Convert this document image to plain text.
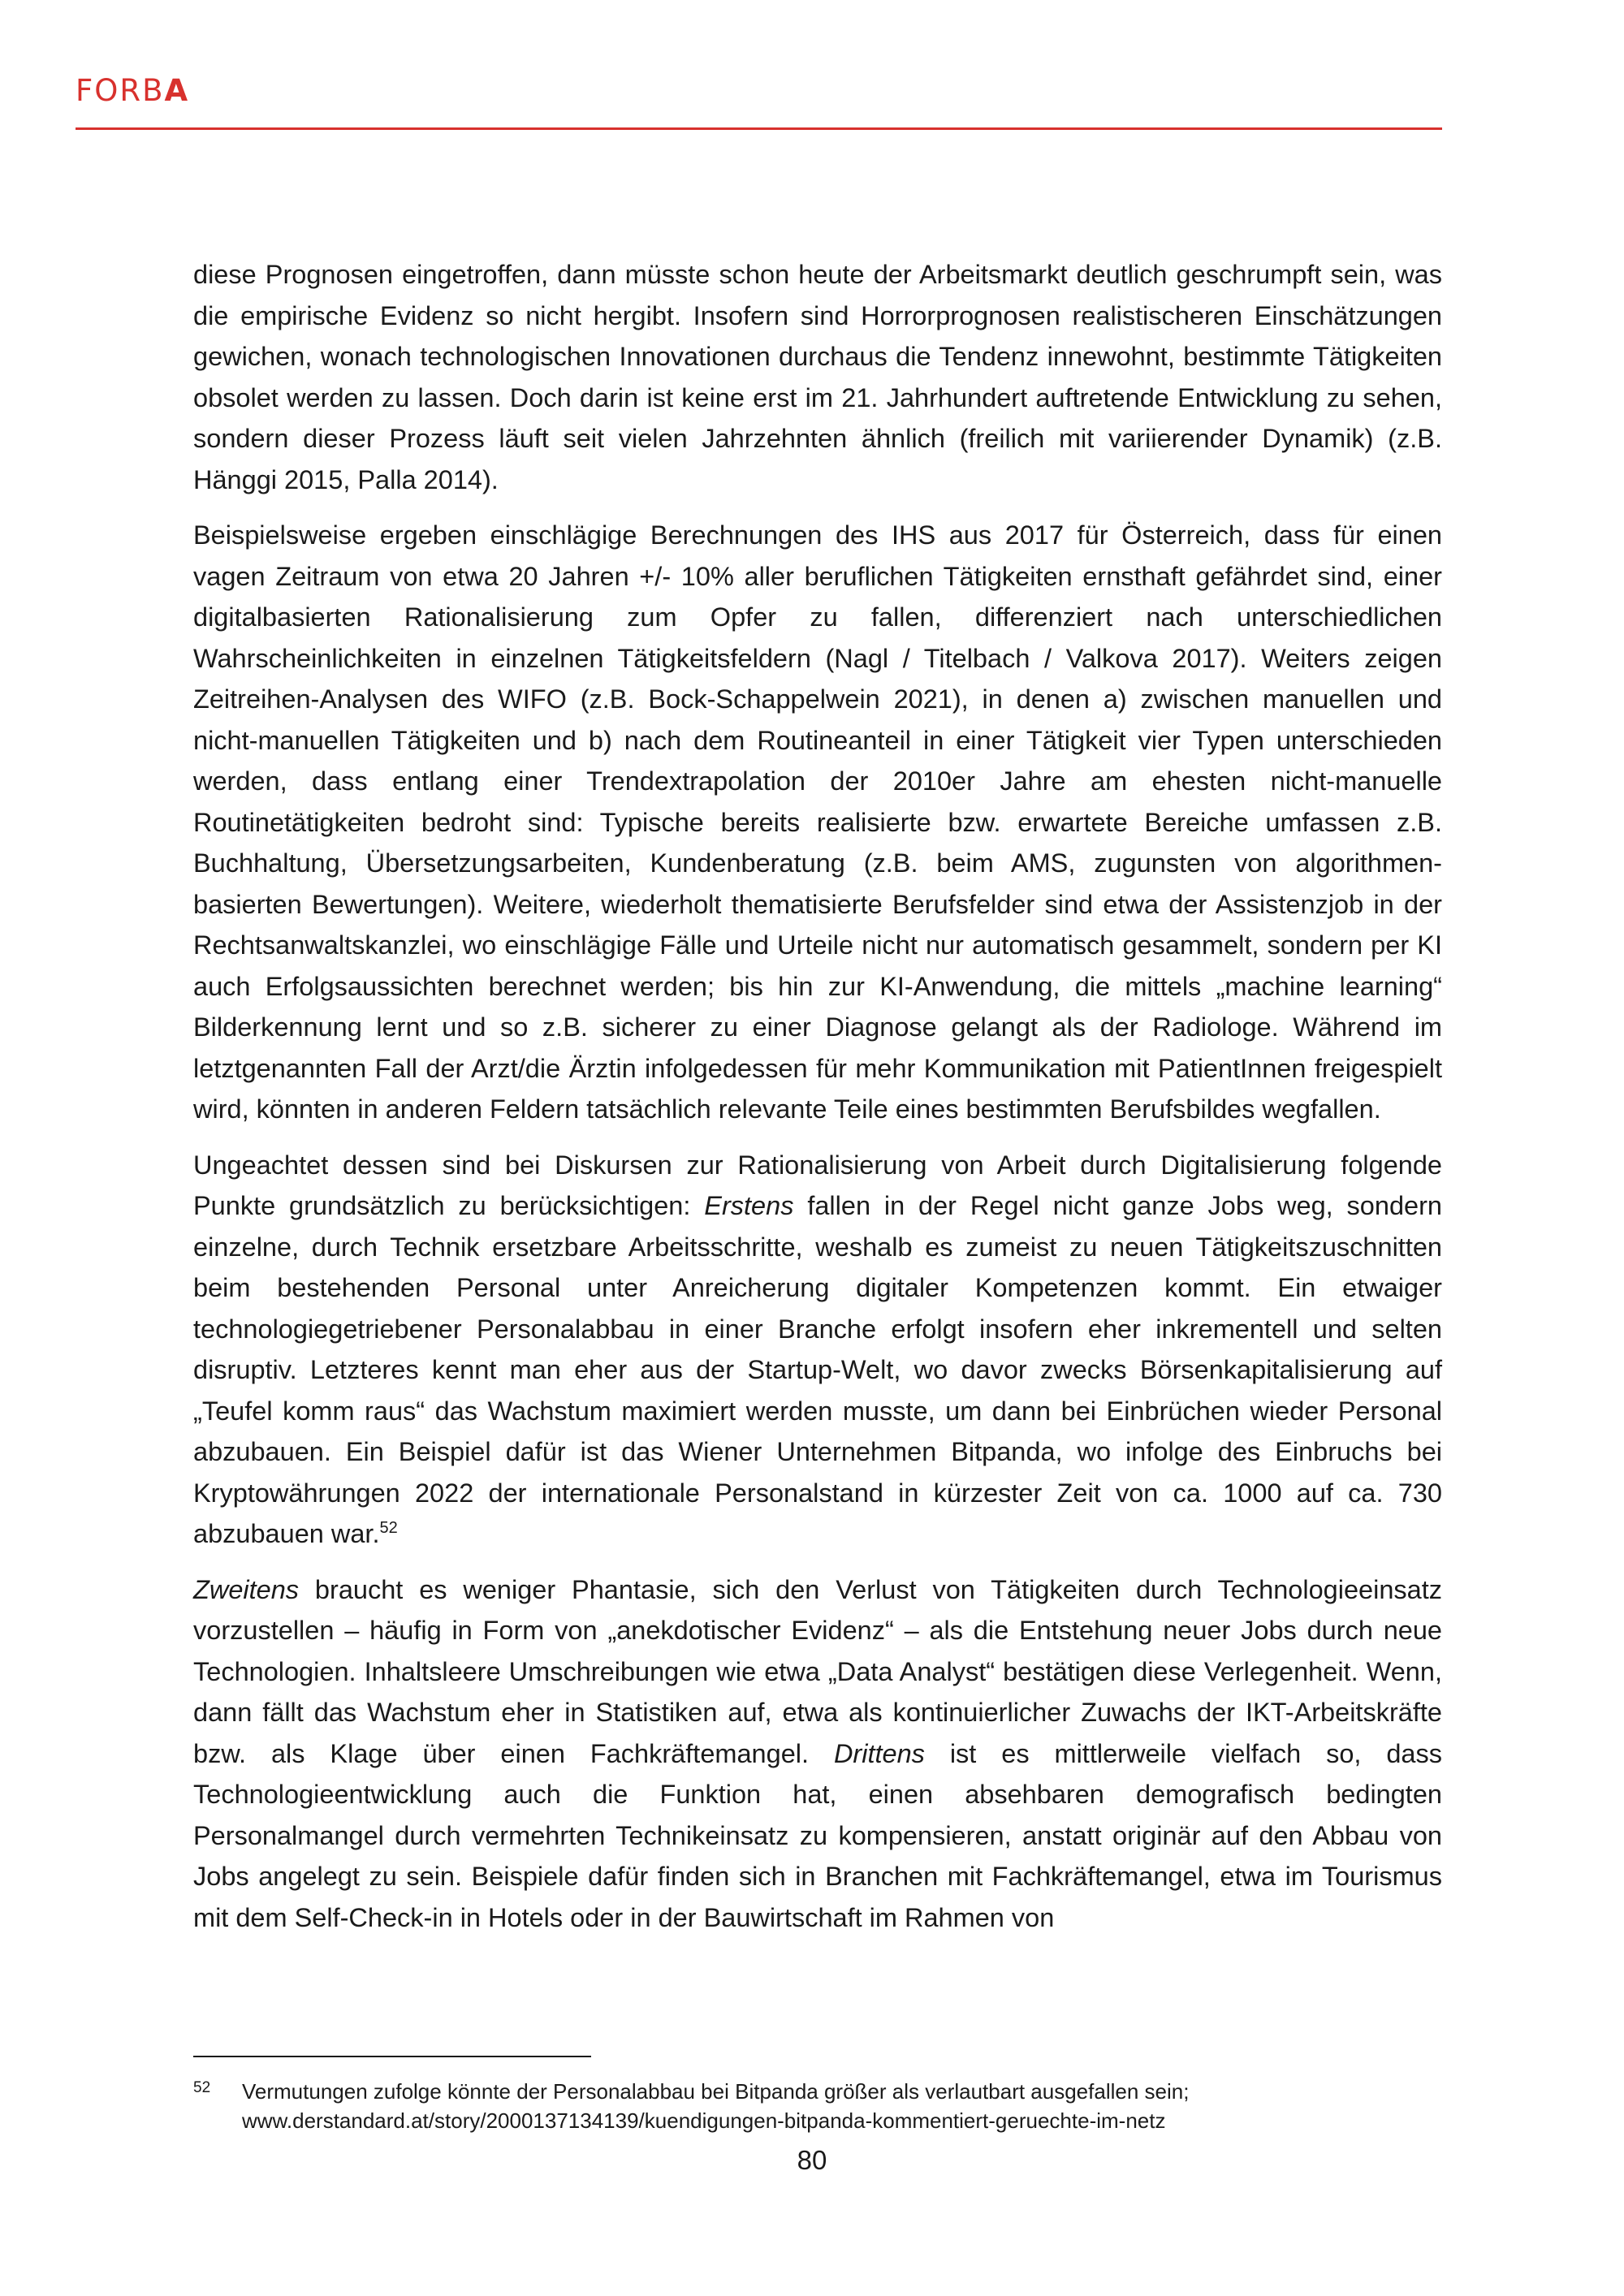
FORBA

diese Prognosen eingetroffen, dann müsste schon heute der Arbeitsmarkt deutlich geschrumpft sein, was die empirische Evidenz so nicht hergibt. Insofern sind Horrorprognosen realistischeren Einschätzungen gewichen, wonach technologischen Innovationen durchaus die Tendenz innewohnt, bestimmte Tätigkeiten obsolet werden zu lassen. Doch darin ist keine erst im 21. Jahrhundert auftretende Entwicklung zu sehen, sondern dieser Prozess läuft seit vielen Jahrzehnten ähnlich (freilich mit variierender Dynamik) (z.B. Hänggi 2015, Palla 2014).

Beispielsweise ergeben einschlägige Berechnungen des IHS aus 2017 für Österreich, dass für einen vagen Zeitraum von etwa 20 Jahren +/- 10% aller beruflichen Tätigkeiten ernsthaft gefährdet sind, einer digitalbasierten Rationalisierung zum Opfer zu fallen, differenziert nach unterschiedlichen Wahrscheinlichkeiten in einzelnen Tätigkeitsfeldern (Nagl / Titelbach / Valkova 2017). Weiters zeigen Zeitreihen-Analysen des WIFO (z.B. Bock-Schappelwein 2021), in denen a) zwischen manuellen und nicht-manuellen Tätigkeiten und b) nach dem Routineanteil in einer Tätigkeit vier Typen unterschieden werden, dass entlang einer Trendextrapolation der 2010er Jahre am ehesten nicht-manuelle Routinetätigkeiten bedroht sind: Typische bereits realisierte bzw. erwartete Bereiche umfassen z.B. Buchhaltung, Übersetzungsarbeiten, Kundenberatung (z.B. beim AMS, zugunsten von algorithmen-basierten Bewertungen). Weitere, wiederholt thematisierte Berufsfelder sind etwa der Assistenzjob in der Rechtsanwaltskanzlei, wo einschlägige Fälle und Urteile nicht nur automatisch gesammelt, sondern per KI auch Erfolgsaussichten berechnet werden; bis hin zur KI-Anwendung, die mittels „machine learning“ Bilderkennung lernt und so z.B. sicherer zu einer Diagnose gelangt als der Radiologe. Während im letztgenannten Fall der Arzt/die Ärztin infolgedessen für mehr Kommunikation mit PatientInnen freigespielt wird, könnten in anderen Feldern tatsächlich relevante Teile eines bestimmten Berufsbildes wegfallen.

Ungeachtet dessen sind bei Diskursen zur Rationalisierung von Arbeit durch Digitalisierung folgende Punkte grundsätzlich zu berücksichtigen: Erstens fallen in der Regel nicht ganze Jobs weg, sondern einzelne, durch Technik ersetzbare Arbeitsschritte, weshalb es zumeist zu neuen Tätigkeitszuschnitten beim bestehenden Personal unter Anreicherung digitaler Kompetenzen kommt. Ein etwaiger technologiegetriebener Personalabbau in einer Branche erfolgt insofern eher inkrementell und selten disruptiv. Letzteres kennt man eher aus der Startup-Welt, wo davor zwecks Börsenkapitalisierung auf „Teufel komm raus“ das Wachstum maximiert werden musste, um dann bei Einbrüchen wieder Personal abzubauen. Ein Beispiel dafür ist das Wiener Unternehmen Bitpanda, wo infolge des Einbruchs bei Kryptowährungen 2022 der internationale Personalstand in kürzester Zeit von ca. 1000 auf ca. 730 abzubauen war.$^{52}$

Zweitens braucht es weniger Phantasie, sich den Verlust von Tätigkeiten durch Technologieeinsatz vorzustellen – häufig in Form von „anekdotischer Evidenz“ – als die Entstehung neuer Jobs durch neue Technologien. Inhaltsleere Umschreibungen wie etwa „Data Analyst“ bestätigen diese Verlegenheit. Wenn, dann fällt das Wachstum eher in Statistiken auf, etwa als kontinuierlicher Zuwachs der IKT-Arbeitskräfte bzw. als Klage über einen Fachkräftemangel. Drittens ist es mittlerweile vielfach so, dass Technologieentwicklung auch die Funktion hat, einen absehbaren demografisch bedingten Personalmangel durch vermehrten Technikeinsatz zu kompensieren, anstatt originär auf den Abbau von Jobs angelegt zu sein. Beispiele dafür finden sich in Branchen mit Fachkräftemangel, etwa im Tourismus mit dem Self-Check-in in Hotels oder in der Bauwirtschaft im Rahmen von

52 Vermutungen zufolge könnte der Personalabbau bei Bitpanda größer als verlautbart ausgefallen sein; www.derstandard.at/story/2000137134139/kuendigungen-bitpanda-kommentiert-geruechte-im-netz
80
